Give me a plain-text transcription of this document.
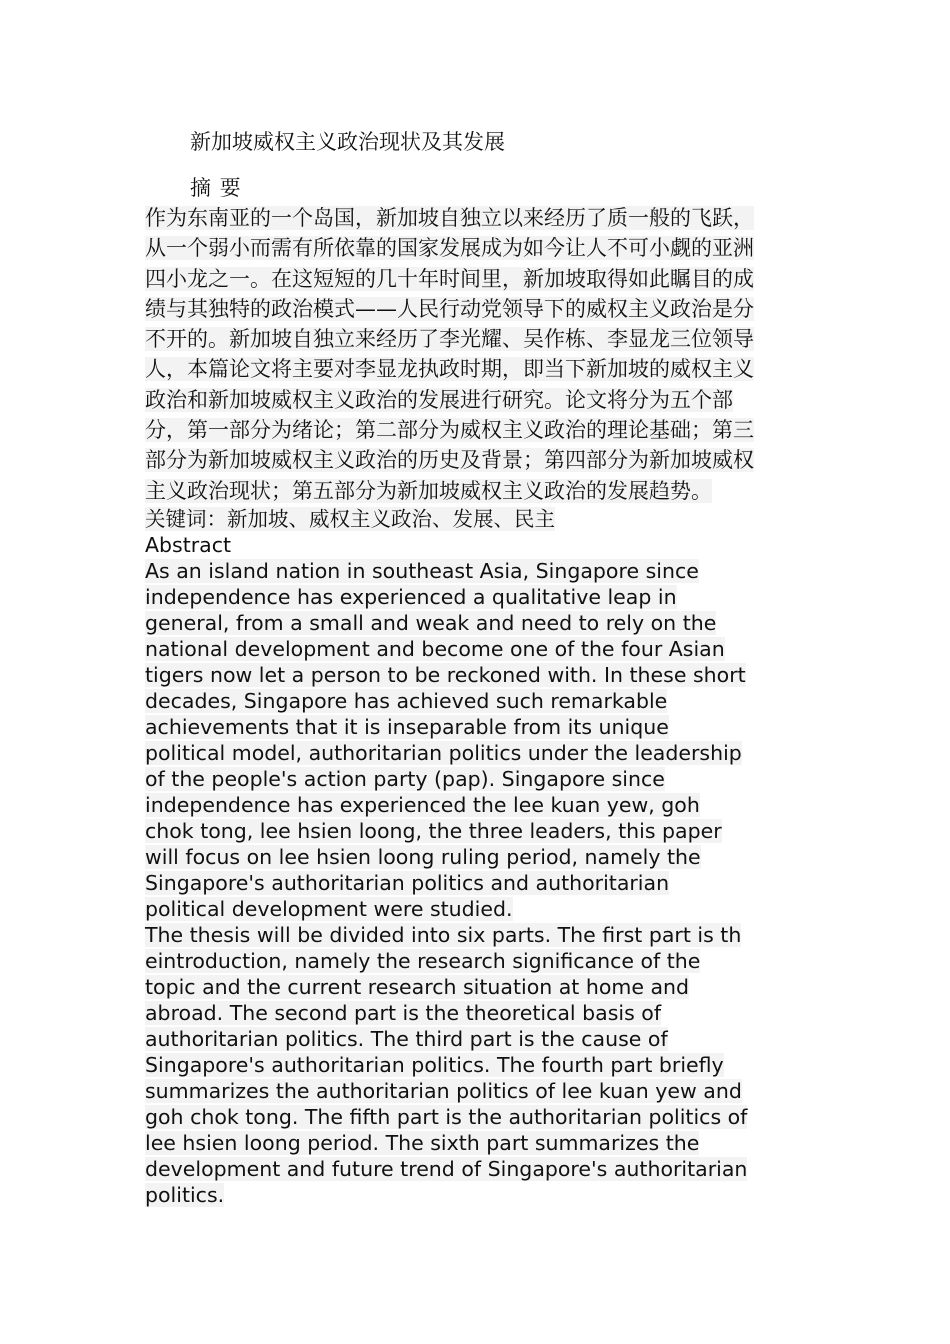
新加坡威权主义政治现状及其发展
摘 要
作为东南亚的一个岛国，新加坡自独立以来经历了质一般的飞跃，
从一个弱小而需有所依靠的国家发展成为如今让人不可小觑的亚洲
四小龙之一。在这短短的几十年时间里，新加坡取得如此瞩目的成
绩与其独特的政治模式——人民行动党领导下的威权主义政治是分
不开的。新加坡自独立来经历了李光耀、吴作栋、李显龙三位领导
人，本篇论文将主要对李显龙执政时期，即当下新加坡的威权主义
政治和新加坡威权主义政治的发展进行研究。论文将分为五个部
分，第一部分为绪论；第二部分为威权主义政治的理论基础；第三
部分为新加坡威权主义政治的历史及背景；第四部分为新加坡威权
主义政治现状；第五部分为新加坡威权主义政治的发展趋势。
关键词：新加坡、威权主义政治、发展、民主
Abstract
As an island nation in southeast Asia, Singapore since
independence has experienced a qualitative leap in
general, from a small and weak and need to rely on the
national development and become one of the four Asian
tigers now let a person to be reckoned with. In these short
decades, Singapore has achieved such remarkable
achievements that it is inseparable from its unique
political model, authoritarian politics under the leadership
of the people's action party (pap). Singapore since
independence has experienced the lee kuan yew, goh
chok tong, lee hsien loong, the three leaders, this paper
will focus on lee hsien loong ruling period, namely the
Singapore's authoritarian politics and authoritarian
political development were studied.
The thesis will be divided into six parts. The first part is th
eintroduction, namely the research significance of the
topic and the current research situation at home and
abroad. The second part is the theoretical basis of
authoritarian politics. The third part is the cause of
Singapore's authoritarian politics. The fourth part briefly
summarizes the authoritarian politics of lee kuan yew and
goh chok tong. The fifth part is the authoritarian politics of
lee hsien loong period. The sixth part summarizes the
development and future trend of Singapore's authoritarian
politics.
